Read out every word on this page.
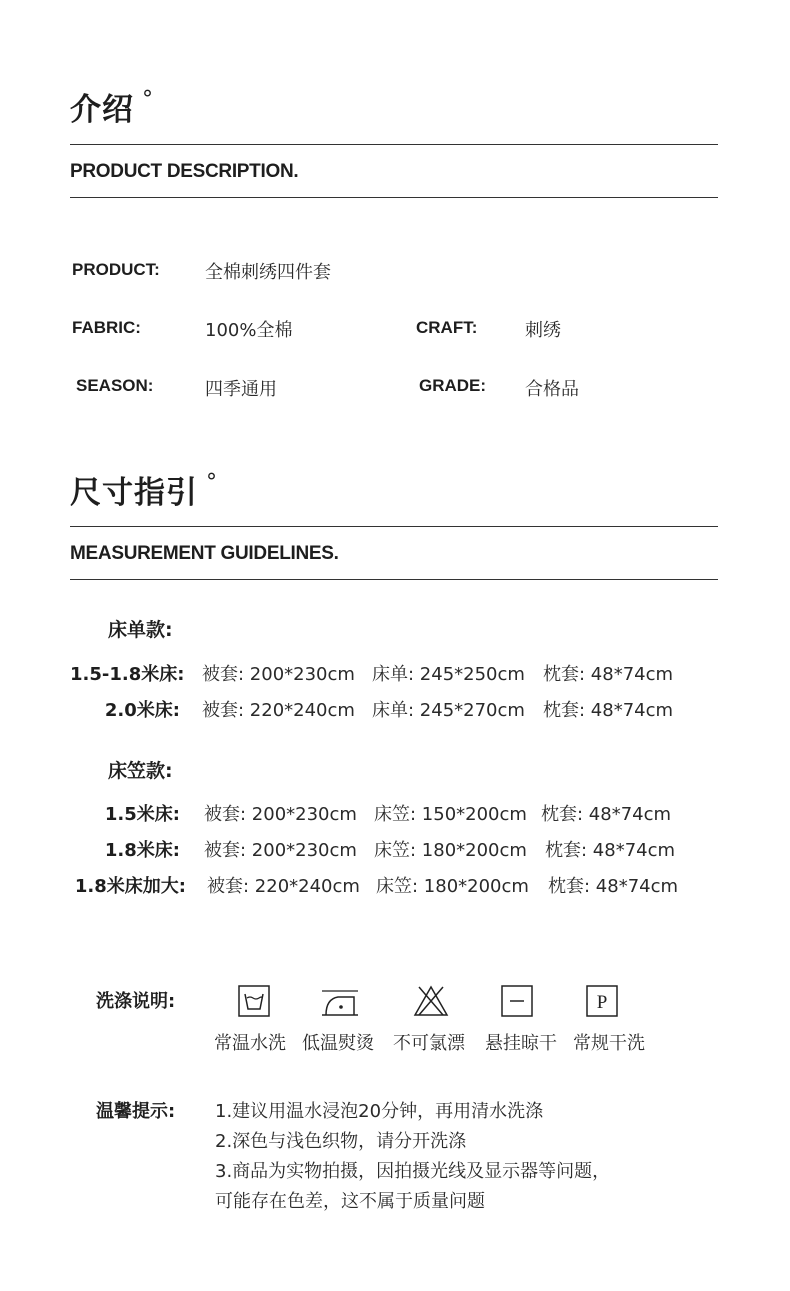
介绍 °
PRODUCT DESCRIPTION.
PRODUCT:	全棉刺绣四件套
FABRIC:	100%全棉	CRAFT:	刺绣
SEASON:	四季通用	GRADE: 合格品
尺寸指引 °
MEASUREMENT GUIDELINES.
床单款:
1.5-1.8米床: 被套: 200*230cm 床单: 245*250cm 枕套: 48*74cm
2.0米床: 被套: 220*240cm 床单: 245*270cm 枕套: 48*74cm
床笠款:
1.5米床: 被套: 200*230cm 床笠: 150*200cm 枕套: 48*74cm
1.8米床: 被套: 200*230cm 床笠: 180*200cm 枕套: 48*74cm
1.8米床加大: 被套: 220*240cm 床笠: 180*200cm 枕套: 48*74cm
洗涤说明:	P
常温水洗 低温熨烫 不可氯漂 悬挂晾干 常规干洗
温馨提示: 1.建议用温水浸泡20分钟，再用清水洗涤
2.深色与浅色织物，请分开洗涤
3.商品为实物拍摄，因拍摄光线及显示器等问题，
可能存在色差，这不属于质量问题
